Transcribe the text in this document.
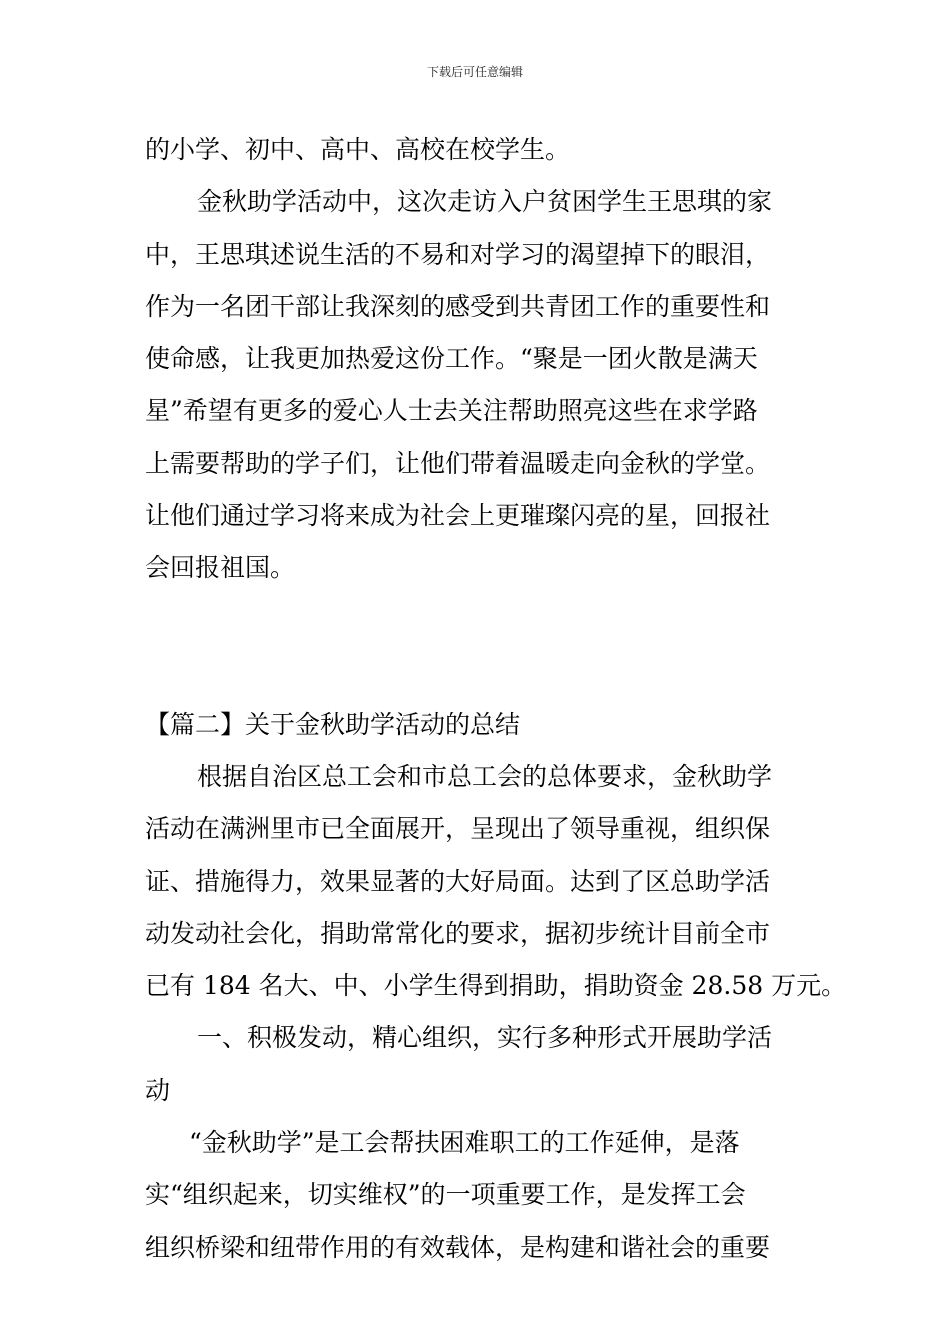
下载后可任意编辑
的小学、初中、高中、高校在校学生。
金秋助学活动中，这次走访入户贫困学生王思琪的家
中，王思琪述说生活的不易和对学习的渴望掉下的眼泪，
作为一名团干部让我深刻的感受到共青团工作的重要性和
使命感，让我更加热爱这份工作。“聚是一团火散是满天
星”希望有更多的爱心人士去关注帮助照亮这些在求学路
上需要帮助的学子们，让他们带着温暖走向金秋的学堂。
让他们通过学习将来成为社会上更璀璨闪亮的星，回报社
会回报祖国。
【篇二】关于金秋助学活动的总结
根据自治区总工会和市总工会的总体要求，金秋助学
活动在满洲里市已全面展开，呈现出了领导重视，组织保
证、措施得力，效果显著的大好局面。达到了区总助学活
动发动社会化，捐助常常化的要求，据初步统计目前全市
已有 184 名大、中、小学生得到捐助，捐助资金 28.58 万元。
一、积极发动，精心组织，实行多种形式开展助学活
动
“金秋助学”是工会帮扶困难职工的工作延伸，是落
实“组织起来，切实维权”的一项重要工作，是发挥工会
组织桥梁和纽带作用的有效载体，是构建和谐社会的重要
